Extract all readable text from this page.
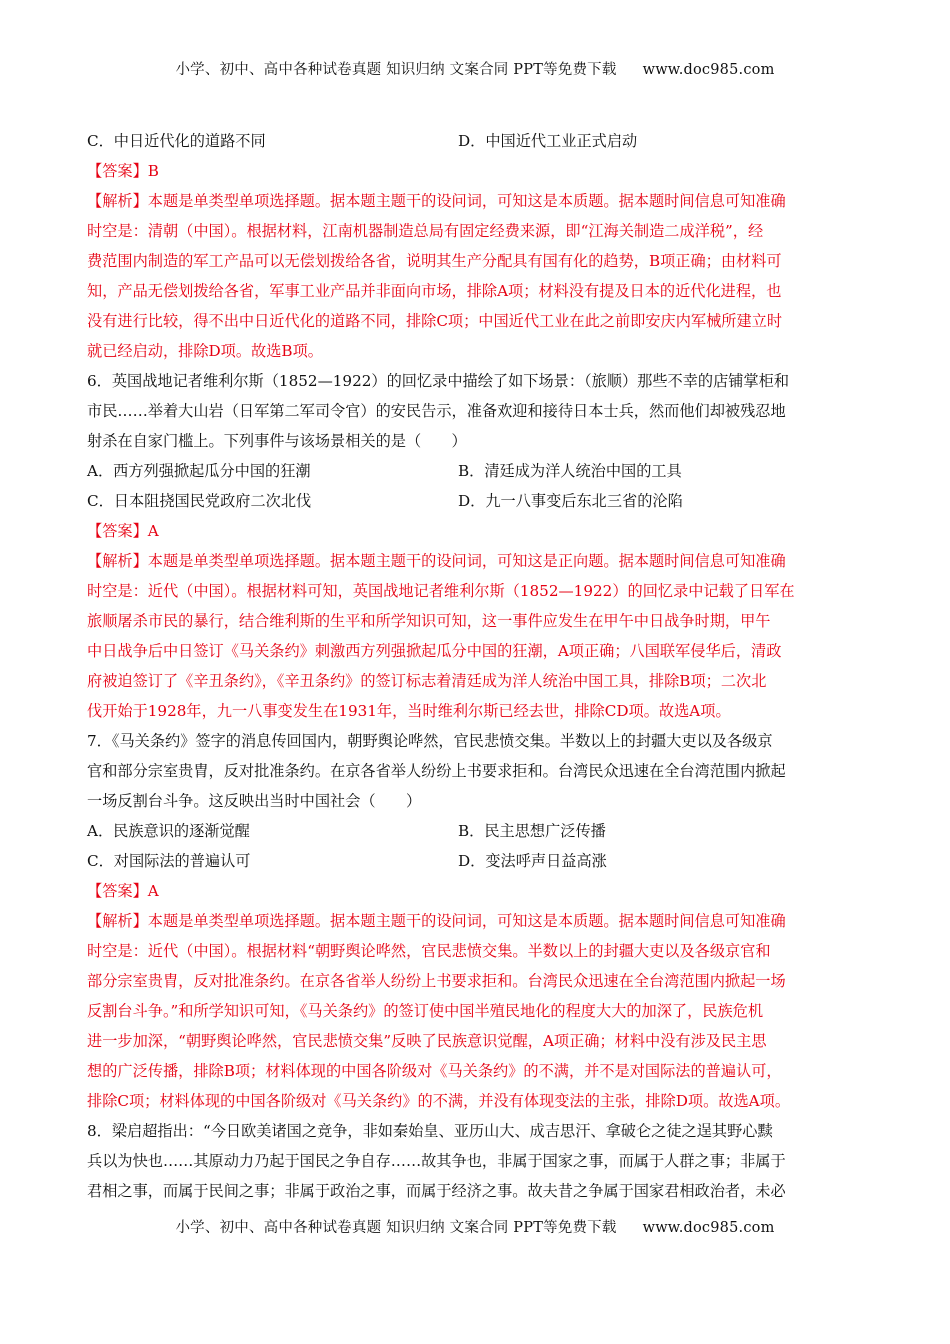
小学、初中、高中各种试卷真题 知识归纳 文案合同 PPT等免费下载 www.doc985.com
C．中日近代化的道路不同	D．中国近代工业正式启动
【答案】B
【解析】本题是单类型单项选择题。据本题主题干的设问词，可知这是本质题。据本题时间信息可知准确
时空是：清朝（中国）。根据材料，江南机器制造总局有固定经费来源，即“江海关制造二成洋税”，经
费范围内制造的军工产品可以无偿划拨给各省，说明其生产分配具有国有化的趋势，B项正确；由材料可
知，产品无偿划拨给各省，军事工业产品并非面向市场，排除A项；材料没有提及日本的近代化进程，也
没有进行比较，得不出中日近代化的道路不同，排除C项；中国近代工业在此之前即安庆内军械所建立时
就已经启动，排除D项。故选B项。
6．英国战地记者维利尔斯（1852—1922）的回忆录中描绘了如下场景：（旅顺）那些不幸的店铺掌柜和
市民……举着大山岩（日军第二军司令官）的安民告示，准备欢迎和接待日本士兵，然而他们却被残忍地
射杀在自家门槛上。下列事件与该场景相关的是（　　）
A．西方列强掀起瓜分中国的狂潮	B．清廷成为洋人统治中国的工具
C．日本阻挠国民党政府二次北伐	D．九一八事变后东北三省的沦陷
【答案】A
【解析】本题是单类型单项选择题。据本题主题干的设问词，可知这是正向题。据本题时间信息可知准确
时空是：近代（中国）。根据材料可知，英国战地记者维利尔斯（1852—1922）的回忆录中记载了日军在
旅顺屠杀市民的暴行，结合维利斯的生平和所学知识可知，这一事件应发生在甲午中日战争时期，甲午
中日战争后中日签订《马关条约》刺激西方列强掀起瓜分中国的狂潮，A项正确；八国联军侵华后，清政
府被迫签订了《辛丑条约》，《辛丑条约》的签订标志着清廷成为洋人统治中国工具，排除B项；二次北
伐开始于1928年，九一八事变发生在1931年，当时维利尔斯已经去世，排除CD项。故选A项。
7．《马关条约》签字的消息传回国内，朝野舆论哗然，官民悲愤交集。半数以上的封疆大吏以及各级京
官和部分宗室贵胄，反对批准条约。在京各省举人纷纷上书要求拒和。台湾民众迅速在全台湾范围内掀起
一场反割台斗争。这反映出当时中国社会（　　）
A．民族意识的逐渐觉醒	B．民主思想广泛传播
C．对国际法的普遍认可	D．变法呼声日益高涨
【答案】A
【解析】本题是单类型单项选择题。据本题主题干的设问词，可知这是本质题。据本题时间信息可知准确
时空是：近代（中国）。根据材料“朝野舆论哗然，官民悲愤交集。半数以上的封疆大吏以及各级京官和
部分宗室贵胄，反对批准条约。在京各省举人纷纷上书要求拒和。台湾民众迅速在全台湾范围内掀起一场
反割台斗争。”和所学知识可知，《马关条约》的签订使中国半殖民地化的程度大大的加深了，民族危机
进一步加深，“朝野舆论哗然，官民悲愤交集”反映了民族意识觉醒，A项正确；材料中没有涉及民主思
想的广泛传播，排除B项；材料体现的中国各阶级对《马关条约》的不满，并不是对国际法的普遍认可，
排除C项；材料体现的中国各阶级对《马关条约》的不满，并没有体现变法的主张，排除D项。故选A项。
8．梁启超指出：“今日欧美诸国之竞争，非如秦始皇、亚历山大、成吉思汗、拿破仑之徒之逞其野心黩
兵以为快也……其原动力乃起于国民之争自存……故其争也，非属于国家之事，而属于人群之事；非属于
君相之事，而属于民间之事；非属于政治之事，而属于经济之事。故夫昔之争属于国家君相政治者，未必
小学、初中、高中各种试卷真题 知识归纳 文案合同 PPT等免费下载 www.doc985.com
